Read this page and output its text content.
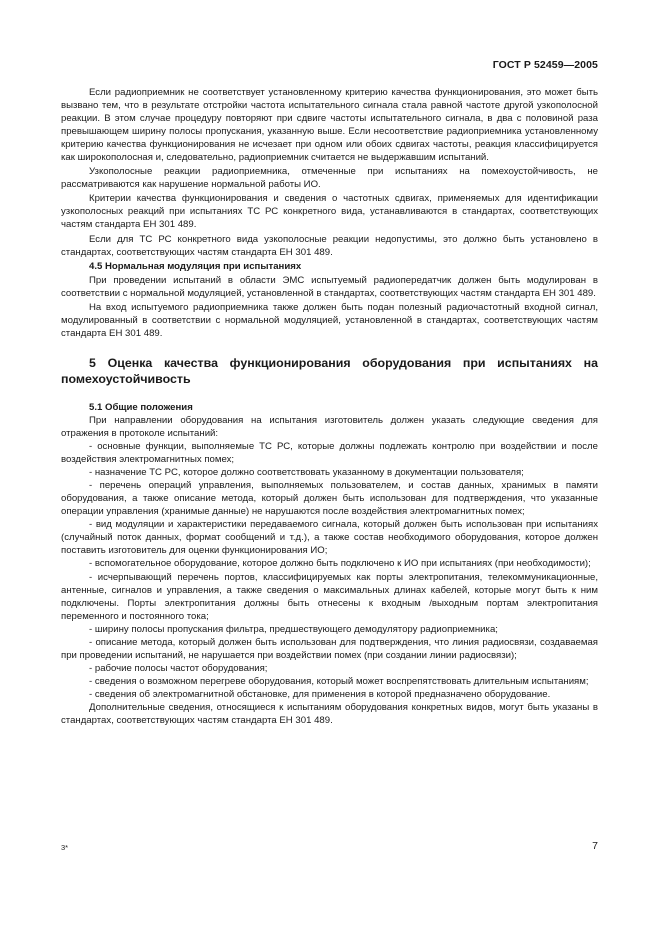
ГОСТ Р 52459—2005

Если радиоприемник не соответствует установленному критерию качества функционирования, это может быть вызвано тем, что в результате отстройки частота испытательного сигнала стала равной частоте другой узкополосной реакции. В этом случае процедуру повторяют при сдвиге частоты испытательного сигнала, в два с половиной раза превышающем ширину полосы пропускания, указанную выше. Если несоответствие радиоприемника установленному критерию качества функционирования не исчезает при одном или обоих сдвигах частоты, реакция классифицируется как широкополосная и, следовательно, радиоприемник считается не выдержавшим испытаний.

Узкополосные реакции радиоприемника, отмеченные при испытаниях на помехоустойчивость, не рассматриваются как нарушение нормальной работы ИО.

Критерии качества функционирования и сведения о частотных сдвигах, применяемых для идентификации узкополосных реакций при испытаниях ТС РС конкретного вида, устанавливаются в стандартах, соответствующих частям стандарта ЕН 301 489.

Если для ТС РС конкретного вида узкополосные реакции недопустимы, это должно быть установлено в стандартах, соответствующих частям стандарта ЕН 301 489.

4.5 Нормальная модуляция при испытаниях

При проведении испытаний в области ЭМС испытуемый радиопередатчик должен быть модулирован в соответствии с нормальной модуляцией, установленной в стандартах, соответствующих частям стандарта ЕН 301 489.

На вход испытуемого радиоприемника также должен быть подан полезный радиочастотный входной сигнал, модулированный в соответствии с нормальной модуляцией, установленной в стандартах, соответствующих частям стандарта ЕН 301 489.

5 Оценка качества функционирования оборудования при испытаниях на помехоустойчивость

5.1 Общие положения

При направлении оборудования на испытания изготовитель должен указать следующие сведения для отражения в протоколе испытаний:

- основные функции, выполняемые ТС РС, которые должны подлежать контролю при воздействии и после воздействия электромагнитных помех;

- назначение ТС РС, которое должно соответствовать указанному в документации пользователя;

- перечень операций управления, выполняемых пользователем, и состав данных, хранимых в памяти оборудования, а также описание метода, который должен быть использован для подтверждения, что указанные операции управления (хранимые данные) не нарушаются после воздействия электромагнитных помех;

- вид модуляции и характеристики передаваемого сигнала, который должен быть использован при испытаниях (случайный поток данных, формат сообщений и т.д.), а также состав необходимого оборудования, которое должен поставить изготовитель для оценки функционирования ИО;

- вспомогательное оборудование, которое должно быть подключено к ИО при испытаниях (при необходимости);

- исчерпывающий перечень портов, классифицируемых как порты электропитания, телекоммуникационные, антенные, сигналов и управления, а также сведения о максимальных длинах кабелей, которые могут быть к ним подключены. Порты электропитания должны быть отнесены к входным /выходным портам электропитания переменного и постоянного тока;

- ширину полосы пропускания фильтра, предшествующего демодулятору радиоприемника;

- описание метода, который должен быть использован для подтверждения, что линия радиосвязи, создаваемая при проведении испытаний, не нарушается при воздействии помех (при создании линии радиосвязи);

- рабочие полосы частот оборудования;

- сведения о возможном перегреве оборудования, который может воспрепятствовать длительным испытаниям;

- сведения об электромагнитной обстановке, для применения в которой предназначено оборудование.

Дополнительные сведения, относящиеся к испытаниям оборудования конкретных видов, могут быть указаны в стандартах, соответствующих частям стандарта ЕН 301 489.

3*	7
